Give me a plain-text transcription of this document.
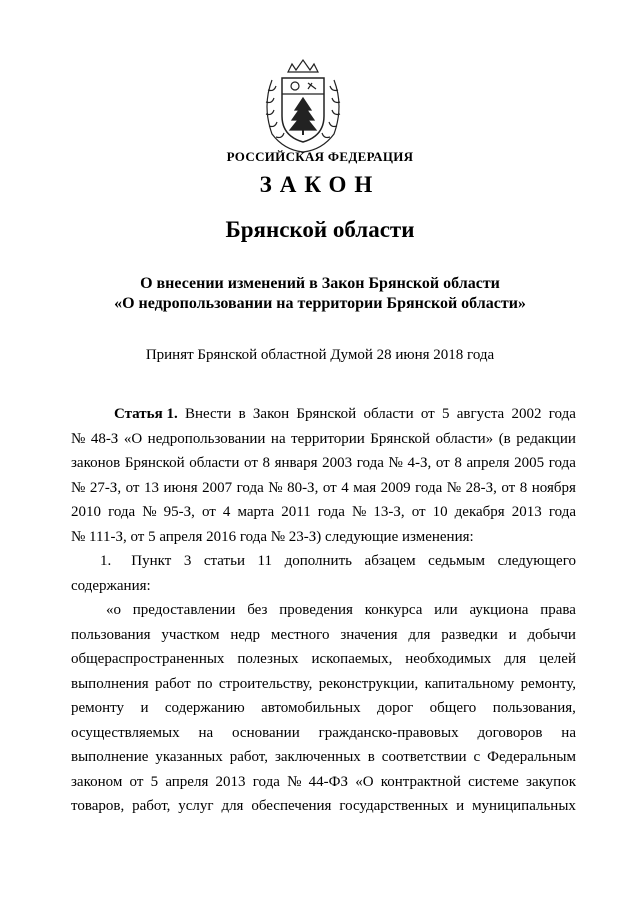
РОССИЙСКАЯ ФЕДЕРАЦИЯ
ЗАКОН
Брянской области
О внесении изменений в Закон Брянской области
«О недропользовании на территории Брянской области»
Принят Брянской областной Думой 28 июня 2018 года
Статья 1. Внести в Закон Брянской области от 5 августа 2002 года
№ 48-З «О недропользовании на территории Брянской области» (в редакции
законов Брянской области от 8 января 2003 года № 4-З, от 8 апреля 2005 года
№ 27-З, от 13 июня 2007 года № 80-З, от 4 мая 2009 года № 28-З, от 8 ноября
2010 года № 95-З, от 4 марта 2011 года № 13-З, от 10 декабря 2013 года
№ 111-З, от 5 апреля 2016 года № 23-З) следующие изменения:
1. Пункт 3 статьи 11 дополнить абзацем седьмым следующего
содержания:
«о предоставлении без проведения конкурса или аукциона права
пользования участком недр местного значения для разведки и добычи
общераспространенных полезных ископаемых, необходимых для целей
выполнения работ по строительству, реконструкции, капитальному ремонту,
ремонту и содержанию автомобильных дорог общего пользования,
осуществляемых на основании гражданско-правовых договоров на
выполнение указанных работ, заключенных в соответствии с Федеральным
законом от 5 апреля 2013 года № 44-ФЗ «О контрактной системе закупок
товаров, работ, услуг для обеспечения государственных и муниципальных
